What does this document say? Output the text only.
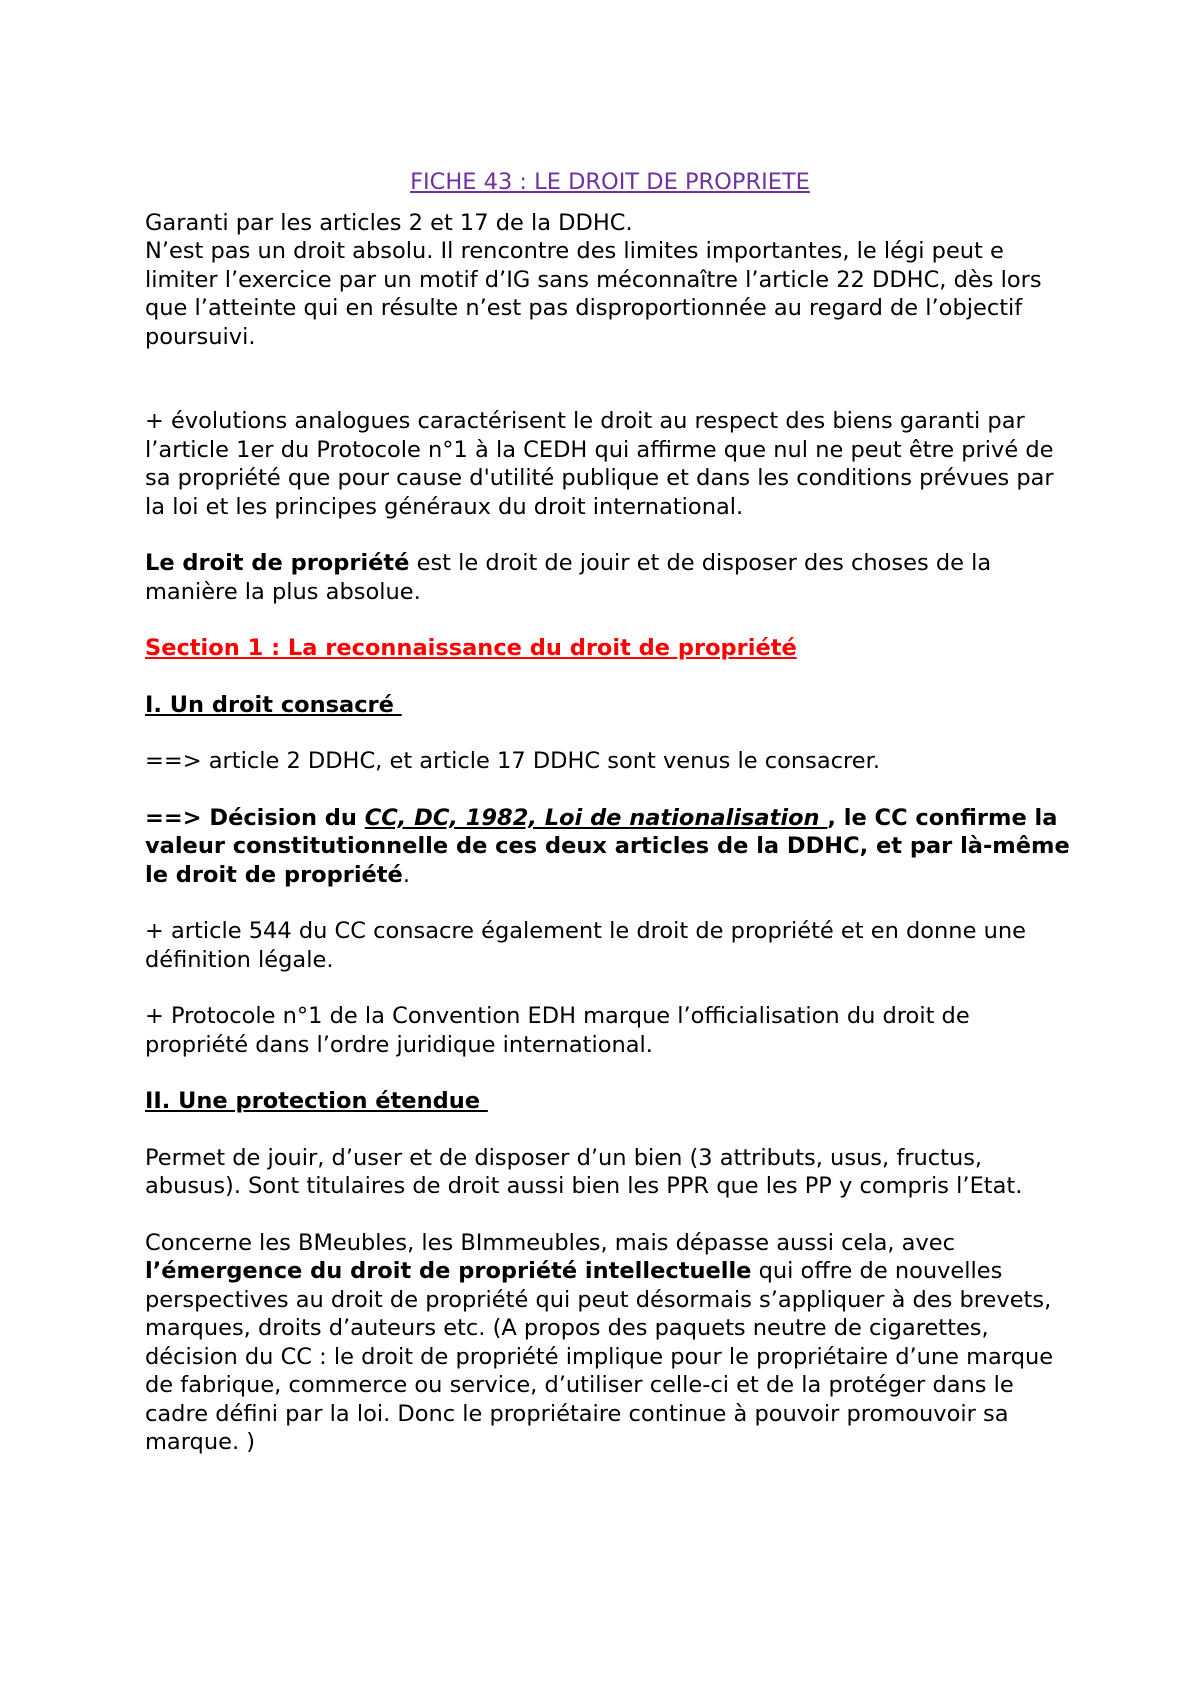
FICHE 43 : LE DROIT DE PROPRIETE

Garanti par les articles 2 et 17 de la DDHC.

N’est pas un droit absolu. Il rencontre des limites importantes, le légi peut e limiter l’exercice par un motif d’IG sans méconnaître l’article 22 DDHC, dès lors que l’atteinte qui en résulte n’est pas disproportionnée au regard de l’objectif poursuivi.

+ évolutions analogues caractérisent le droit au respect des biens garanti par l’article 1er du Protocole n°1 à la CEDH qui affirme que nul ne peut être privé de sa propriété que pour cause d'utilité publique et dans les conditions prévues par la loi et les principes généraux du droit international.

Le droit de propriété est le droit de jouir et de disposer des choses de la manière la plus absolue.

Section 1 : La reconnaissance du droit de propriété

I. Un droit consacré

==> article 2 DDHC, et article 17 DDHC sont venus le consacrer.

==> Décision du CC, DC, 1982, Loi de nationalisation , le CC confirme la valeur constitutionnelle de ces deux articles de la DDHC, et par là-même le droit de propriété.

+ article 544 du CC consacre également le droit de propriété et en donne une définition légale.

+ Protocole n°1 de la Convention EDH marque l’officialisation du droit de propriété dans l’ordre juridique international.

II. Une protection étendue

Permet de jouir, d’user et de disposer d’un bien (3 attributs, usus, fructus, abusus). Sont titulaires de droit aussi bien les PPR que les PP y compris l’Etat.

Concerne les BMeubles, les BImmeubles, mais dépasse aussi cela, avec l’émergence du droit de propriété intellectuelle qui offre de nouvelles perspectives au droit de propriété qui peut désormais s’appliquer à des brevets, marques, droits d’auteurs etc. (A propos des paquets neutre de cigarettes, décision du CC : le droit de propriété implique pour le propriétaire d’une marque de fabrique, commerce ou service, d’utiliser celle-ci et de la protéger dans le cadre défini par la loi. Donc le propriétaire continue à pouvoir promouvoir sa marque. )
